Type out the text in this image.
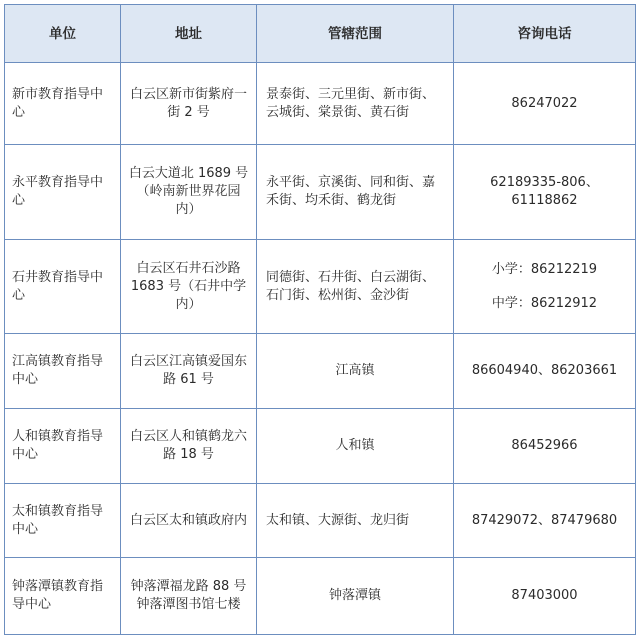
单位	地址	管辖范围	咨询电话
新市教育指导中心	白云区新市街紫府一街 2 号	景泰街、三元里街、新市街、云城街、棠景街、黄石街	86247022

永平教育指导中心	白云大道北 1689 号（岭南新世界花园内）	永平街、京溪街、同和街、嘉禾街、均禾街、鹤龙街	62189335-806、61118862

石井教育指导中心	白云区石井石沙路 1683 号（石井中学内）	同德街、石井街、白云湖街、石门街、松州街、金沙街	小学：86212219
中学：86212912

江高镇教育指导中心	白云区江高镇爱国东路 61 号	江高镇	86604940、86203661

人和镇教育指导中心	白云区人和镇鹤龙六路 18 号	人和镇	86452966

太和镇教育指导中心	白云区太和镇政府内	太和镇、大源街、龙归街	87429072、87479680

钟落潭镇教育指导中心	钟落潭福龙路 88 号钟落潭图书馆七楼	钟落潭镇	87403000
